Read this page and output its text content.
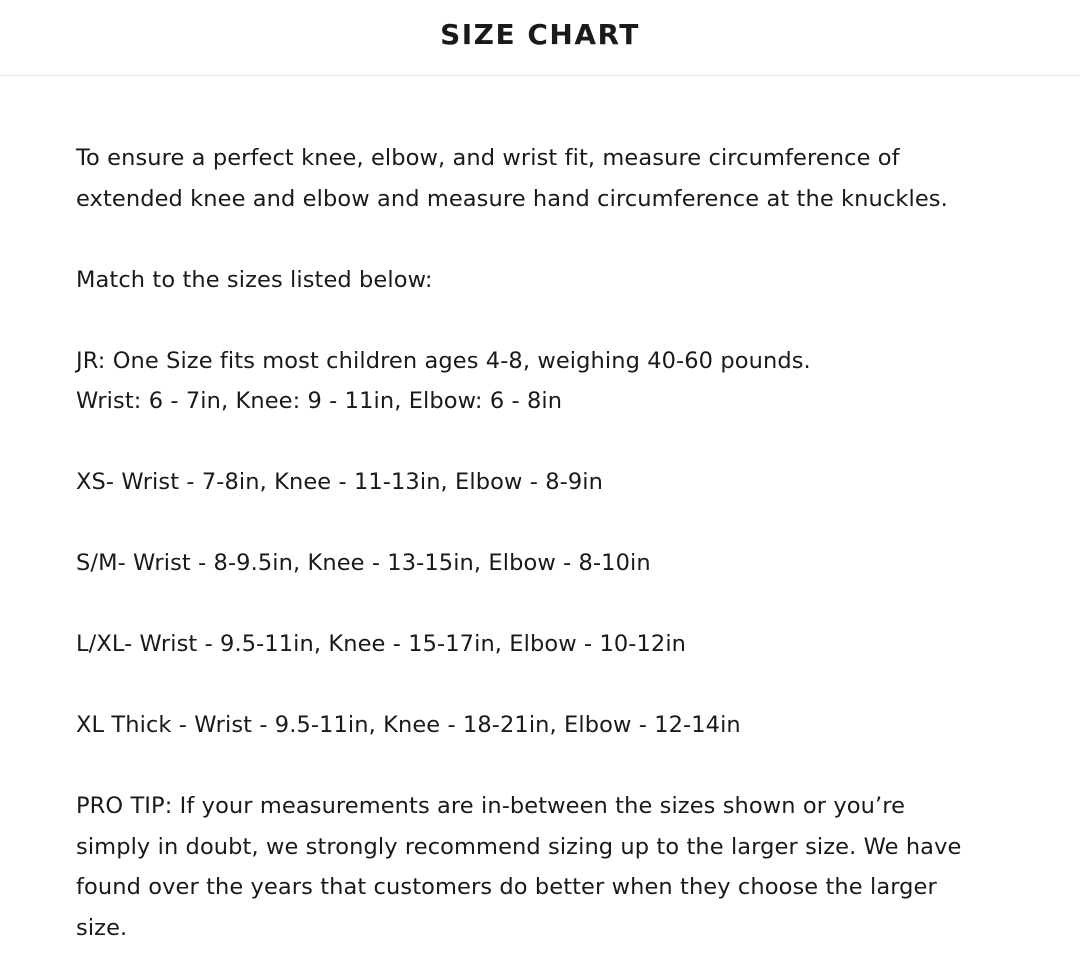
SIZE CHART

To ensure a perfect knee, elbow, and wrist fit, measure circumference of
extended knee and elbow and measure hand circumference at the knuckles.

Match to the sizes listed below:

JR: One Size fits most children ages 4-8, weighing 40-60 pounds.
Wrist: 6 - 7in, Knee: 9 - 11in, Elbow: 6 - 8in

XS- Wrist - 7-8in, Knee - 11-13in, Elbow - 8-9in

S/M- Wrist - 8-9.5in, Knee - 13-15in, Elbow - 8-10in

L/XL- Wrist - 9.5-11in, Knee - 15-17in, Elbow - 10-12in

XL Thick - Wrist - 9.5-11in, Knee - 18-21in, Elbow - 12-14in

PRO TIP: If your measurements are in-between the sizes shown or you’re
simply in doubt, we strongly recommend sizing up to the larger size. We have
found over the years that customers do better when they choose the larger
size.
